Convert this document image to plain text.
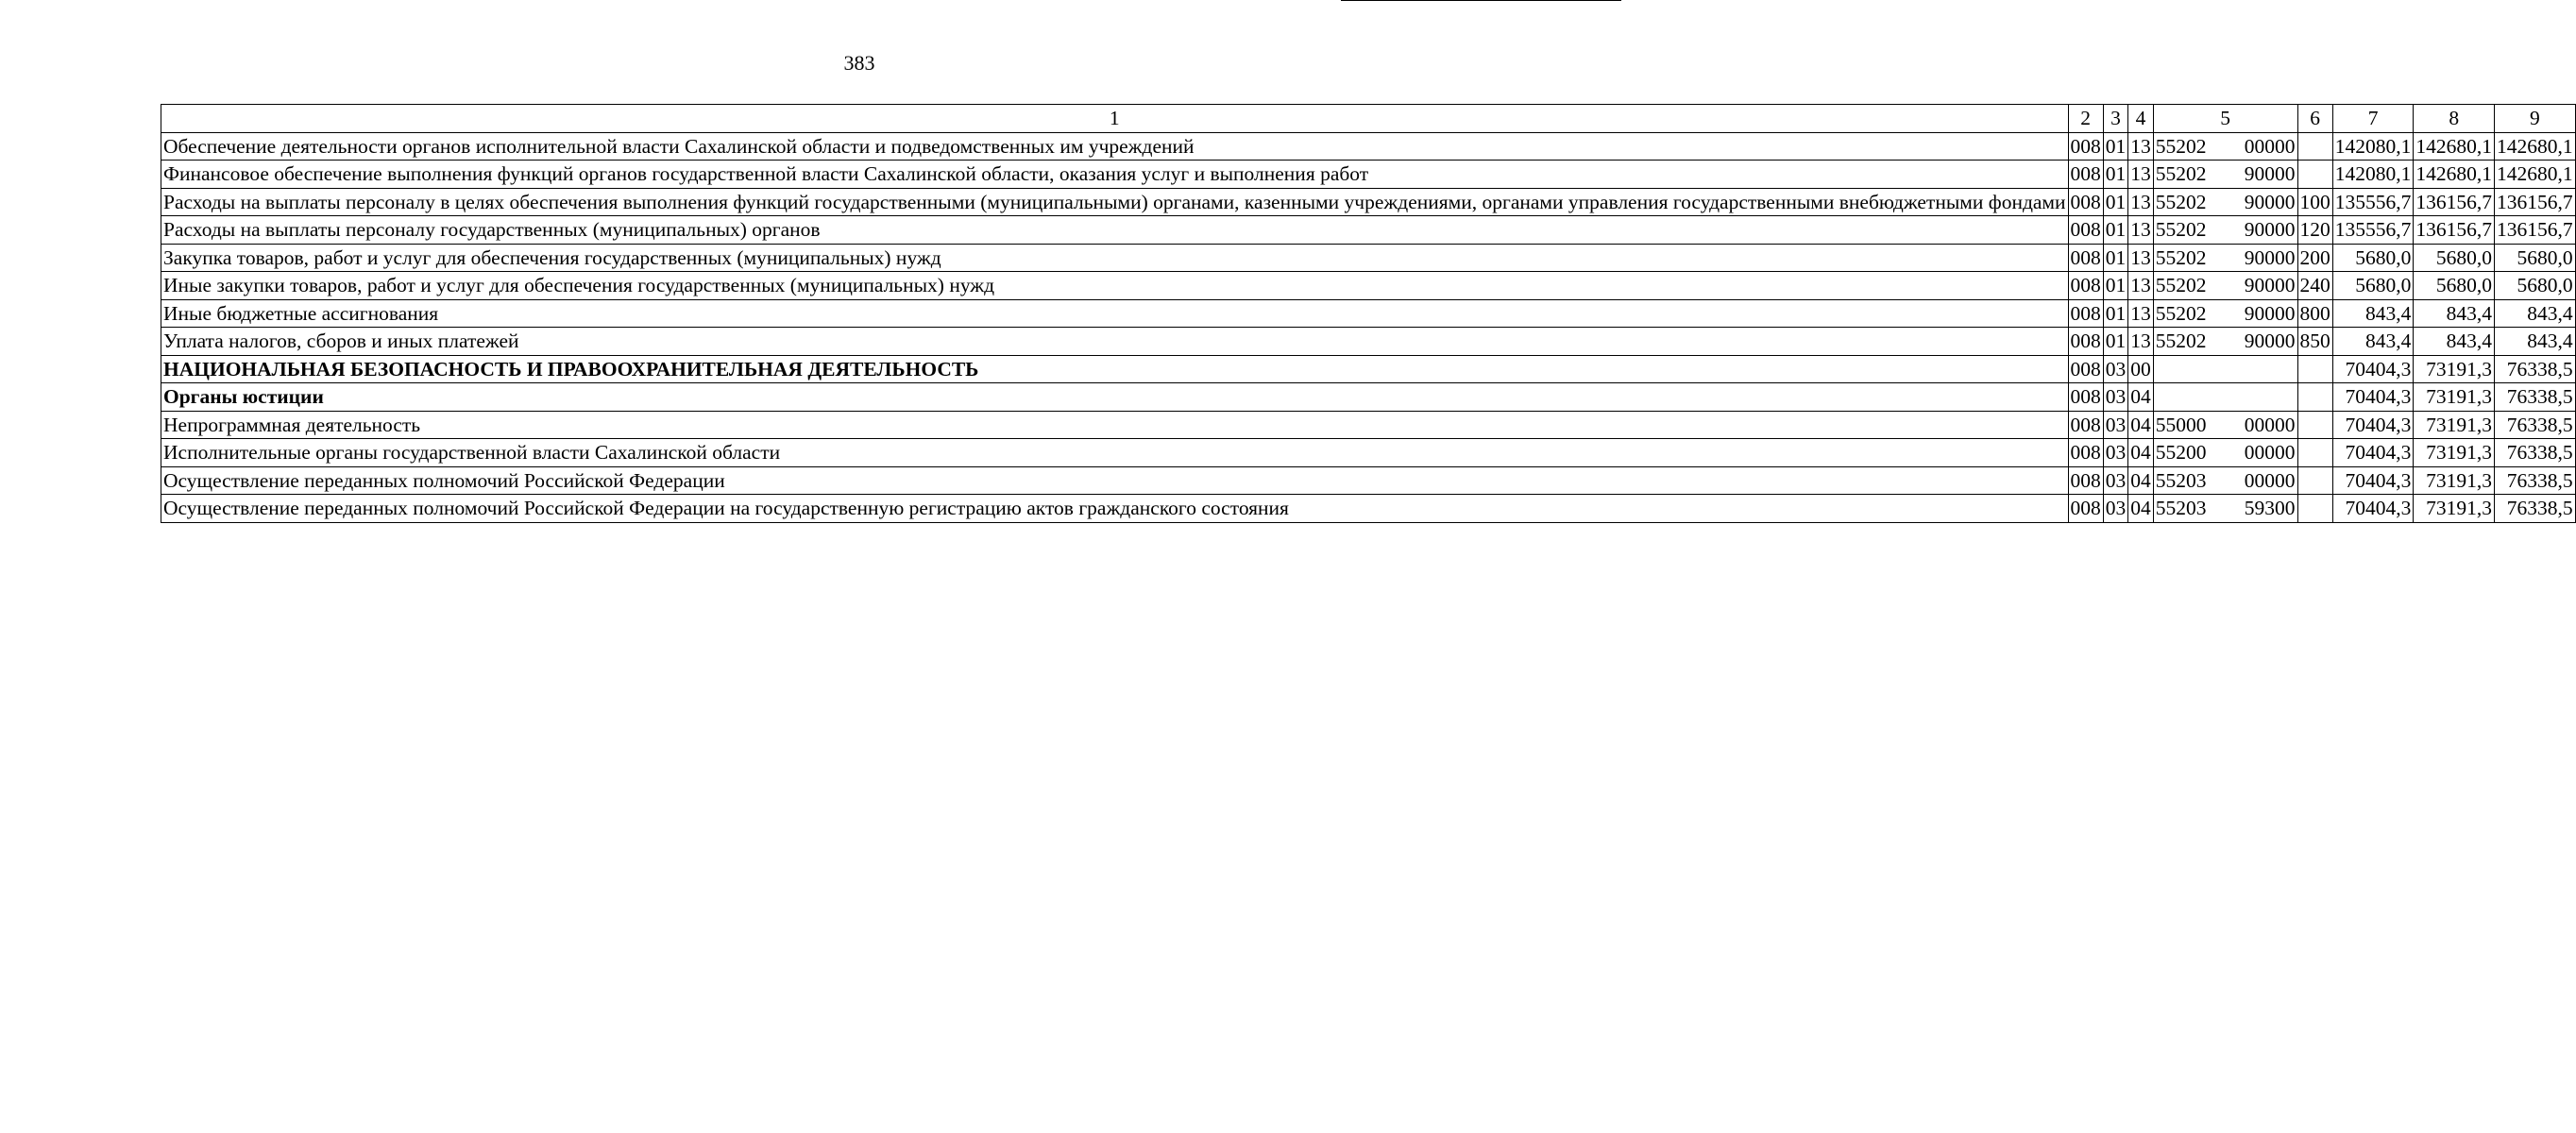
383
1	2	3	4	5	6	7	8	9
Обеспечение деятельности органов исполнительной власти Сахалинской области и подведомственных им учреждений	008	01	13	55202 00000		142080,1	142680,1	142680,1
Финансовое обеспечение выполнения функций органов государственной власти Сахалинской области, оказания услуг и выполнения работ	008	01	13	55202 90000		142080,1	142680,1	142680,1
Расходы на выплаты персоналу в целях обеспечения выполнения функций государственными (муниципальными) органами, казенными учреждениями, органами управления государственными внебюджетными фондами	008	01	13	55202 90000	100	135556,7	136156,7	136156,7
Расходы на выплаты персоналу государственных (муниципальных) органов	008	01	13	55202 90000	120	135556,7	136156,7	136156,7
Закупка товаров, работ и услуг для обеспечения государственных (муниципальных) нужд	008	01	13	55202 90000	200	5680,0	5680,0	5680,0
Иные закупки товаров, работ и услуг для обеспечения государственных (муниципальных) нужд	008	01	13	55202 90000	240	5680,0	5680,0	5680,0
Иные бюджетные ассигнования	008	01	13	55202 90000	800	843,4	843,4	843,4
Уплата налогов, сборов и иных платежей	008	01	13	55202 90000	850	843,4	843,4	843,4
НАЦИОНАЛЬНАЯ БЕЗОПАСНОСТЬ И ПРАВООХРАНИТЕЛЬНАЯ ДЕЯТЕЛЬНОСТЬ	008	03	00			70404,3	73191,3	76338,5
Органы юстиции	008	03	04			70404,3	73191,3	76338,5
Непрограммная деятельность	008	03	04	55000 00000		70404,3	73191,3	76338,5
Исполнительные органы государственной власти Сахалинской области	008	03	04	55200 00000		70404,3	73191,3	76338,5
Осуществление переданных полномочий Российской Федерации	008	03	04	55203 00000		70404,3	73191,3	76338,5
Осуществление переданных полномочий Российской Федерации на государственную регистрацию актов гражданского состояния	008	03	04	55203 59300		70404,3	73191,3	76338,5
